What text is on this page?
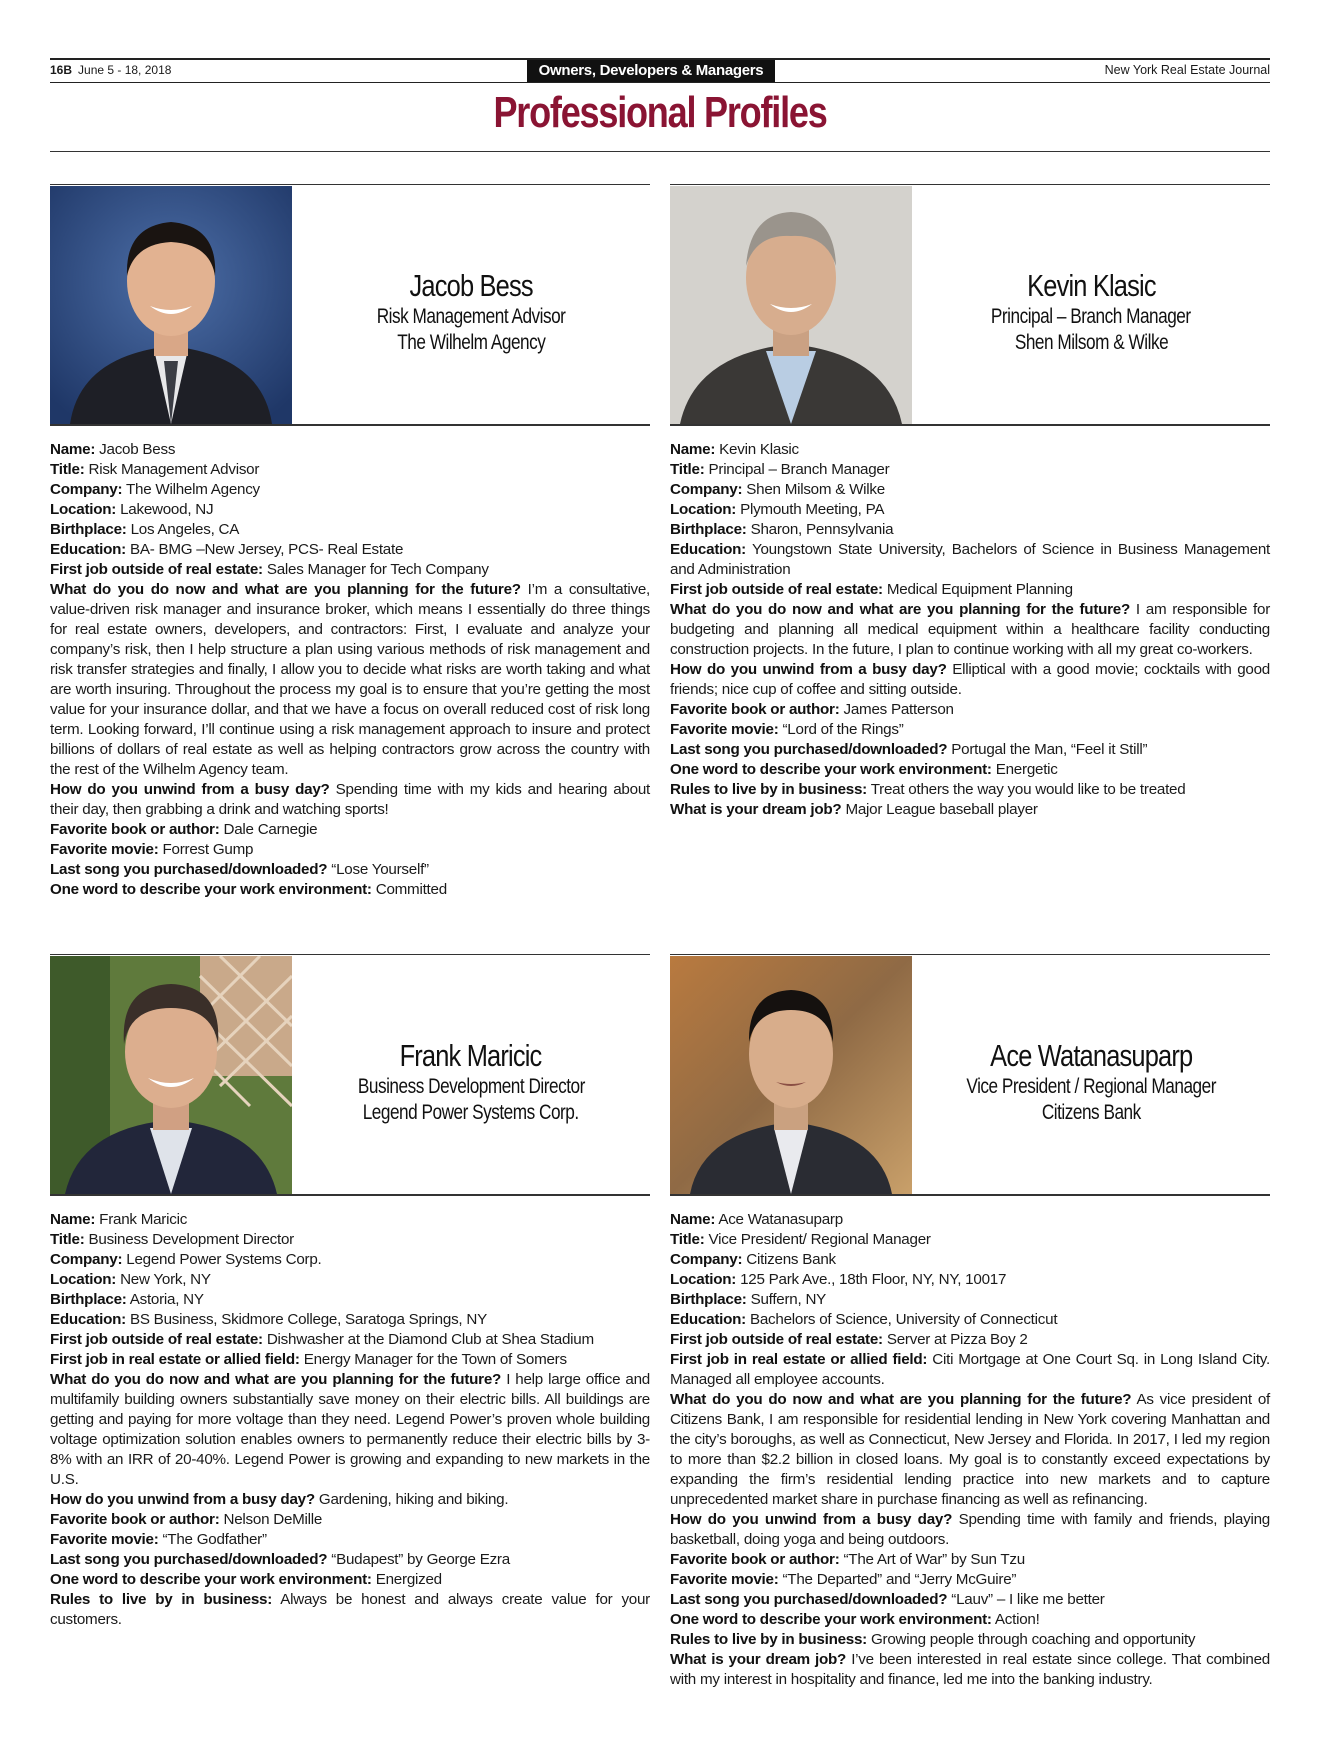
16B June 5 - 18, 2018	Owners, Developers & Managers	New York Real Estate Journal
Professional Profiles
Jacob Bess
Risk Management Advisor
The Wilhelm Agency

Name: Jacob Bess

Title: Risk Management Advisor

Company: The Wilhelm Agency

Location: Lakewood, NJ

Birthplace: Los Angeles, CA

Education: BA- BMG –New Jersey, PCS- Real Estate

First job outside of real estate: Sales Manager for Tech Company

What do you do now and what are you planning for the future? I’m a consultative, value-driven risk manager and insurance broker, which means I essentially do three things for real estate owners, developers, and contractors: First, I evaluate and analyze your company’s risk, then I help structure a plan using various methods of risk management and risk transfer strategies and finally, I allow you to decide what risks are worth taking and what are worth insuring. Throughout the process my goal is to ensure that you’re getting the most value for your insurance dollar, and that we have a focus on overall reduced cost of risk long term. Looking forward, I’ll continue using a risk management approach to insure and protect billions of dollars of real estate as well as helping contractors grow across the country with the rest of the Wilhelm Agency team.

How do you unwind from a busy day? Spending time with my kids and hearing about their day, then grabbing a drink and watching sports!

Favorite book or author: Dale Carnegie

Favorite movie: Forrest Gump

Last song you purchased/downloaded? “Lose Yourself”

One word to describe your work environment: Committed

Kevin Klasic
Principal – Branch Manager
Shen Milsom & Wilke

Name: Kevin Klasic

Title: Principal – Branch Manager

Company: Shen Milsom & Wilke

Location: Plymouth Meeting, PA

Birthplace: Sharon, Pennsylvania

Education: Youngstown State University, Bachelors of Science in Business Management and Administration

First job outside of real estate: Medical Equipment Planning

What do you do now and what are you planning for the future? I am responsible for budgeting and planning all medical equipment within a healthcare facility conducting construction projects. In the future, I plan to continue working with all my great co-workers.

How do you unwind from a busy day? Elliptical with a good movie; cocktails with good friends; nice cup of coffee and sitting outside.

Favorite book or author: James Patterson

Favorite movie: “Lord of the Rings”

Last song you purchased/downloaded? Portugal the Man, “Feel it Still”

One word to describe your work environment: Energetic

Rules to live by in business: Treat others the way you would like to be treated

What is your dream job? Major League baseball player

Frank Maricic
Business Development Director
Legend Power Systems Corp.

Name: Frank Maricic

Title: Business Development Director

Company: Legend Power Systems Corp.

Location: New York, NY

Birthplace: Astoria, NY

Education: BS Business, Skidmore College, Saratoga Springs, NY

First job outside of real estate: Dishwasher at the Diamond Club at Shea Stadium

First job in real estate or allied field: Energy Manager for the Town of Somers

What do you do now and what are you planning for the future? I help large office and multifamily building owners substantially save money on their electric bills. All buildings are getting and paying for more voltage than they need. Legend Power’s proven whole building voltage optimization solution enables owners to permanently reduce their electric bills by 3-8% with an IRR of 20-40%. Legend Power is growing and expanding to new markets in the U.S.

How do you unwind from a busy day? Gardening, hiking and biking.

Favorite book or author: Nelson DeMille

Favorite movie: “The Godfather”

Last song you purchased/downloaded? “Budapest” by George Ezra

One word to describe your work environment: Energized

Rules to live by in business: Always be honest and always create value for your customers.

Ace Watanasuparp
Vice President / Regional Manager
Citizens Bank

Name: Ace Watanasuparp

Title: Vice President/ Regional Manager

Company: Citizens Bank

Location: 125 Park Ave., 18th Floor, NY, NY, 10017

Birthplace: Suffern, NY

Education: Bachelors of Science, University of Connecticut

First job outside of real estate: Server at Pizza Boy 2

First job in real estate or allied field: Citi Mortgage at One Court Sq. in Long Island City. Managed all employee accounts.

What do you do now and what are you planning for the future? As vice president of Citizens Bank, I am responsible for residential lending in New York covering Manhattan and the city’s boroughs, as well as Connecticut, New Jersey and Florida. In 2017, I led my region to more than $2.2 billion in closed loans. My goal is to constantly exceed expectations by expanding the firm’s residential lending practice into new markets and to capture unprecedented market share in purchase financing as well as refinancing.

How do you unwind from a busy day? Spending time with family and friends, playing basketball, doing yoga and being outdoors.

Favorite book or author: “The Art of War” by Sun Tzu

Favorite movie: “The Departed” and “Jerry McGuire”

Last song you purchased/downloaded? “Lauv” – I like me better

One word to describe your work environment: Action!

Rules to live by in business: Growing people through coaching and opportunity

What is your dream job? I’ve been interested in real estate since college. That combined with my interest in hospitality and finance, led me into the banking industry.
